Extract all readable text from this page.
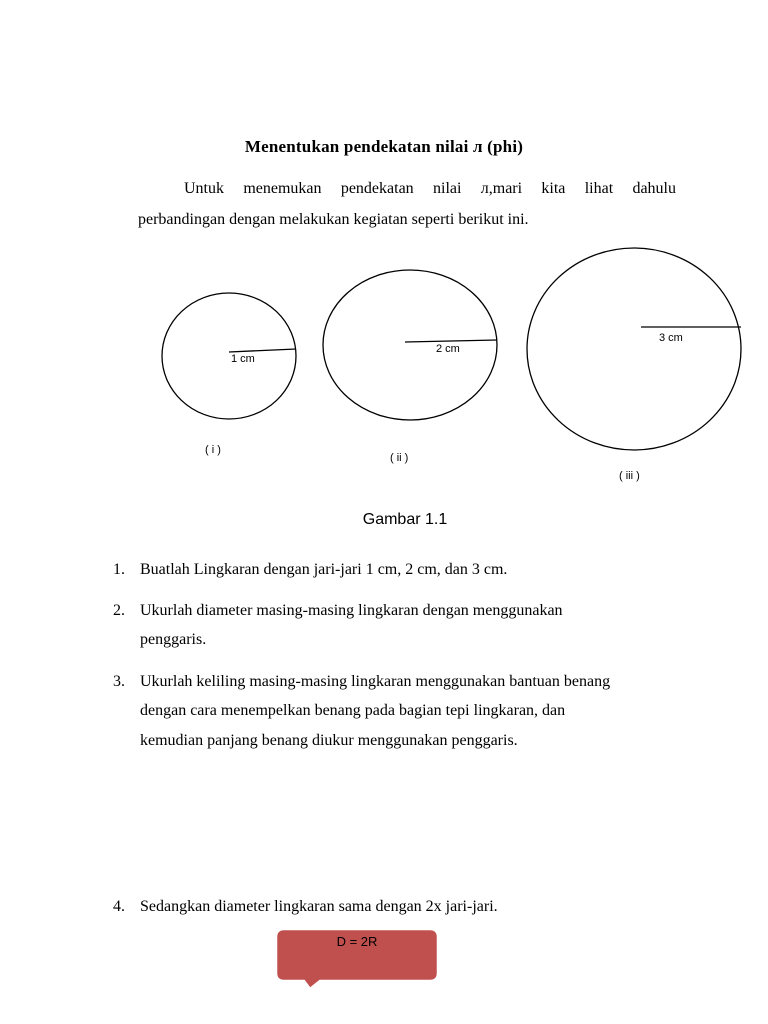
Menentukan pendekatan nilai л (phi)
Untuk menemukan pendekatan nilai л,mari kita lihat dahulu
perbandingan dengan melakukan kegiatan seperti berikut ini.
1 cm
( i )
2 cm
( ii )
3 cm
( iii )
Gambar 1.1
1. Buatlah Lingkaran dengan jari-jari 1 cm, 2 cm, dan 3 cm.
2. Ukurlah diameter masing-masing lingkaran dengan menggunakan
penggaris.
3. Ukurlah keliling masing-masing lingkaran menggunakan bantuan benang
dengan cara menempelkan benang pada bagian tepi lingkaran, dan
kemudian panjang benang diukur menggunakan penggaris.
4. Sedangkan diameter lingkaran sama dengan 2x jari-jari.
D = 2R
